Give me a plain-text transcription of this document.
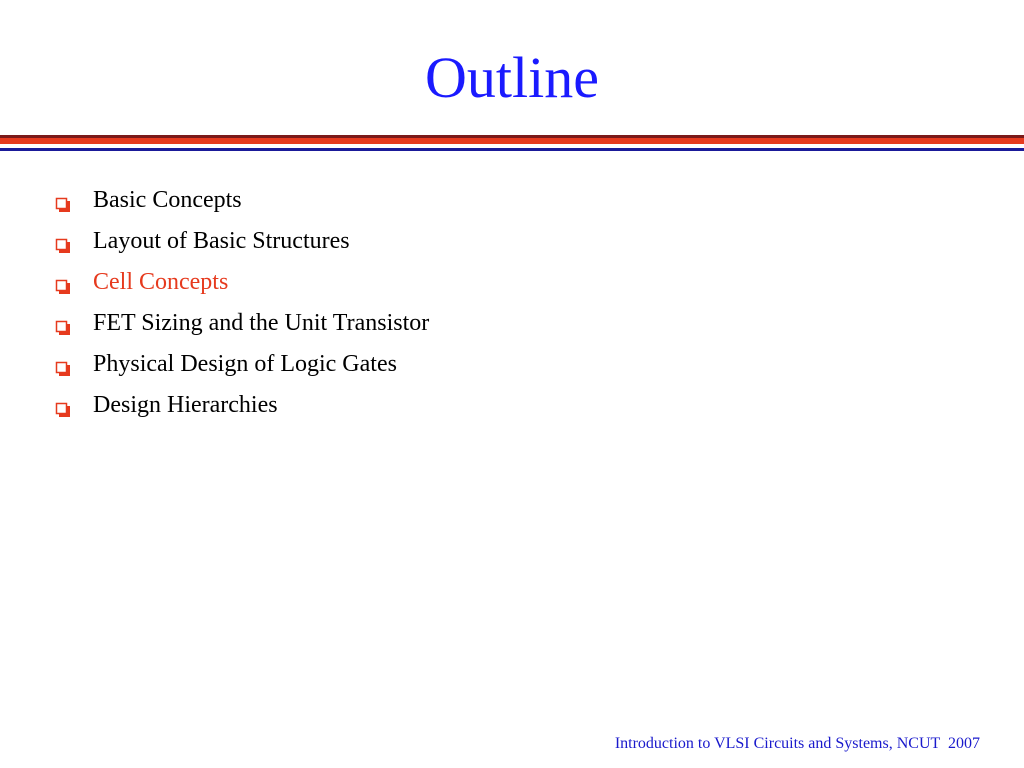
Outline
Basic Concepts
Layout of Basic Structures
Cell Concepts
FET Sizing and the Unit Transistor
Physical Design of Logic Gates
Design Hierarchies
Introduction to VLSI Circuits and Systems, NCUT  2007
